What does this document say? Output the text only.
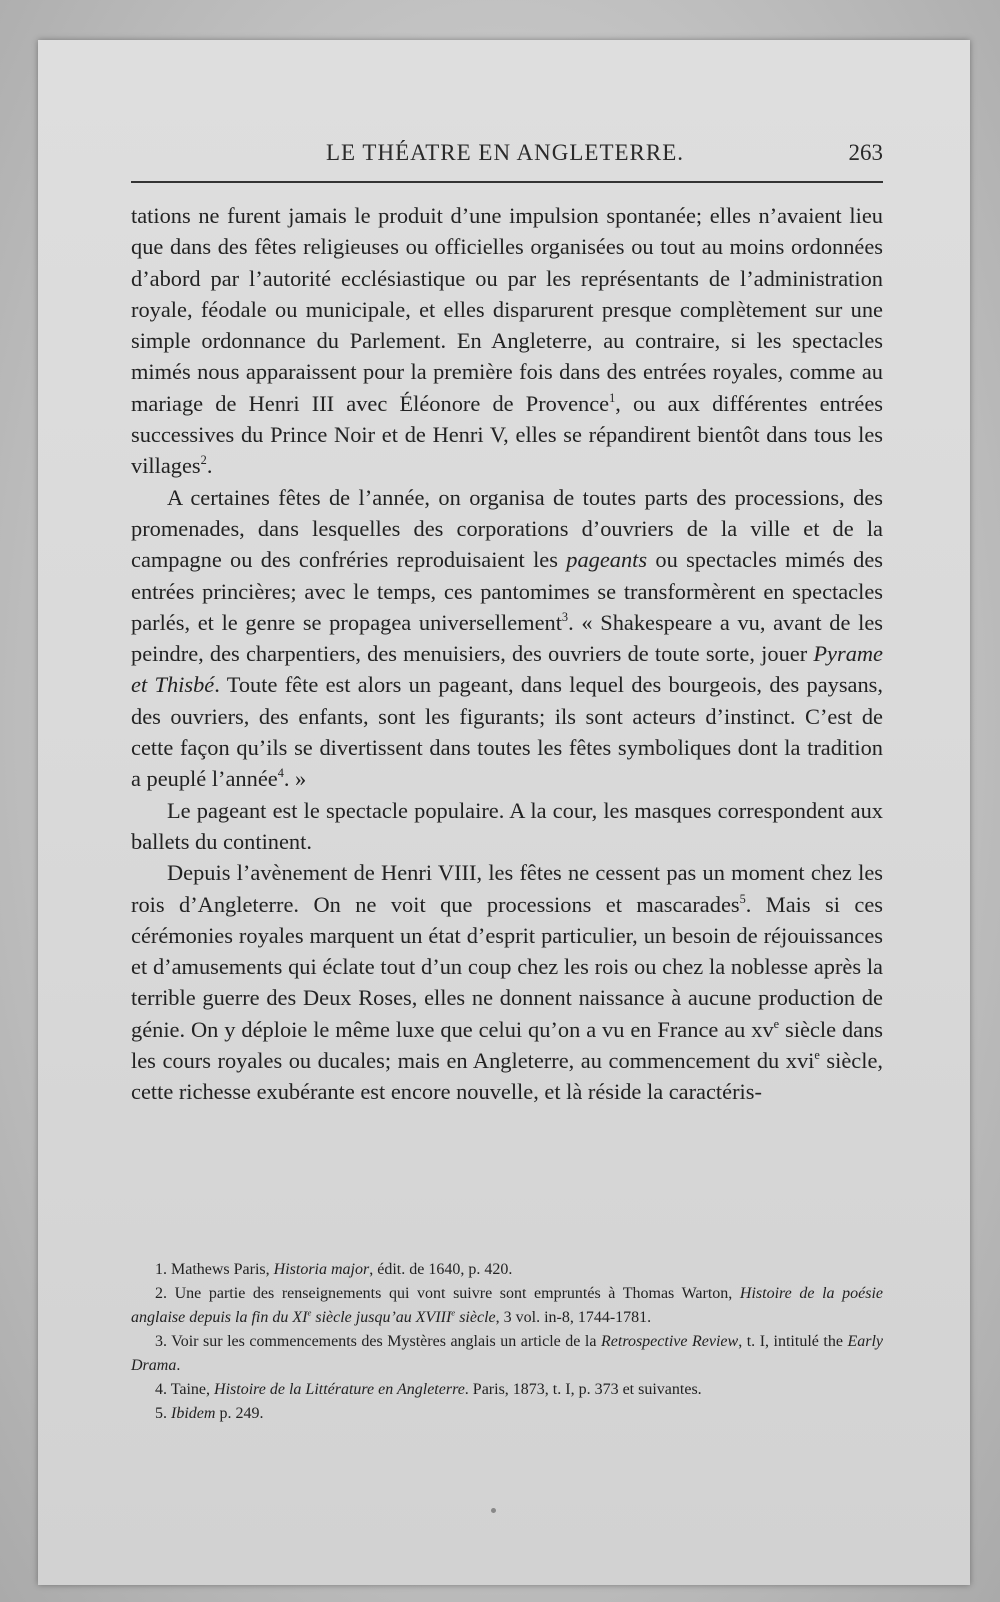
LE THÉATRE EN ANGLETERRE.	263

tations ne furent jamais le produit d’une impulsion spontanée; elles n’avaient lieu que dans des fêtes religieuses ou officielles organisées ou tout au moins ordonnées d’abord par l’autorité ecclésiastique ou par les représentants de l’administration royale, féodale ou municipale, et elles disparurent presque complètement sur une simple ordonnance du Parlement. En Angleterre, au contraire, si les spectacles mimés nous apparaissent pour la première fois dans des entrées royales, comme au mariage de Henri III avec Éléonore de Provence$^1$, ou aux différentes entrées successives du Prince Noir et de Henri V, elles se répandirent bientôt dans tous les villages$^2$.

A certaines fêtes de l’année, on organisa de toutes parts des processions, des promenades, dans lesquelles des corporations d’ouvriers de la ville et de la campagne ou des confréries reproduisaient les pageants ou spectacles mimés des entrées princières; avec le temps, ces pantomimes se transformèrent en spectacles parlés, et le genre se propagea universellement$^3$. « Shakespeare a vu, avant de les peindre, des charpentiers, des menuisiers, des ouvriers de toute sorte, jouer Pyrame et Thisbé. Toute fête est alors un pageant, dans lequel des bourgeois, des paysans, des ouvriers, des enfants, sont les figurants; ils sont acteurs d’instinct. C’est de cette façon qu’ils se divertissent dans toutes les fêtes symboliques dont la tradition a peuplé l’année$^4$. »

Le pageant est le spectacle populaire. A la cour, les masques correspondent aux ballets du continent.

Depuis l’avènement de Henri VIII, les fêtes ne cessent pas un moment chez les rois d’Angleterre. On ne voit que processions et mascarades$^5$. Mais si ces cérémonies royales marquent un état d’esprit particulier, un besoin de réjouissances et d’amusements qui éclate tout d’un coup chez les rois ou chez la noblesse après la terrible guerre des Deux Roses, elles ne donnent naissance à aucune production de génie. On y déploie le même luxe que celui qu’on a vu en France au $xv^e$ siècle dans les cours royales ou ducales; mais en Angleterre, au commencement du xvi$^e$ siècle, cette richesse exubérante est encore nouvelle, et là réside la caractéris-

1. Mathews Paris, Historia major, édit. de 1640, p. 420.

2. Une partie des renseignements qui vont suivre sont empruntés à Thomas Warton, Histoire de la poésie anglaise depuis la fin du XIe siècle jusqu’au XVIIIe siècle, 3 vol. in-8, 1744-1781.

3. Voir sur les commencements des Mystères anglais un article de la Retrospective Review, t. I, intitulé the Early Drama.

4. Taine, Histoire de la Littérature en Angleterre. Paris, 1873, t. I, p. 373 et suivantes.

5. Ibidem p. 249.
